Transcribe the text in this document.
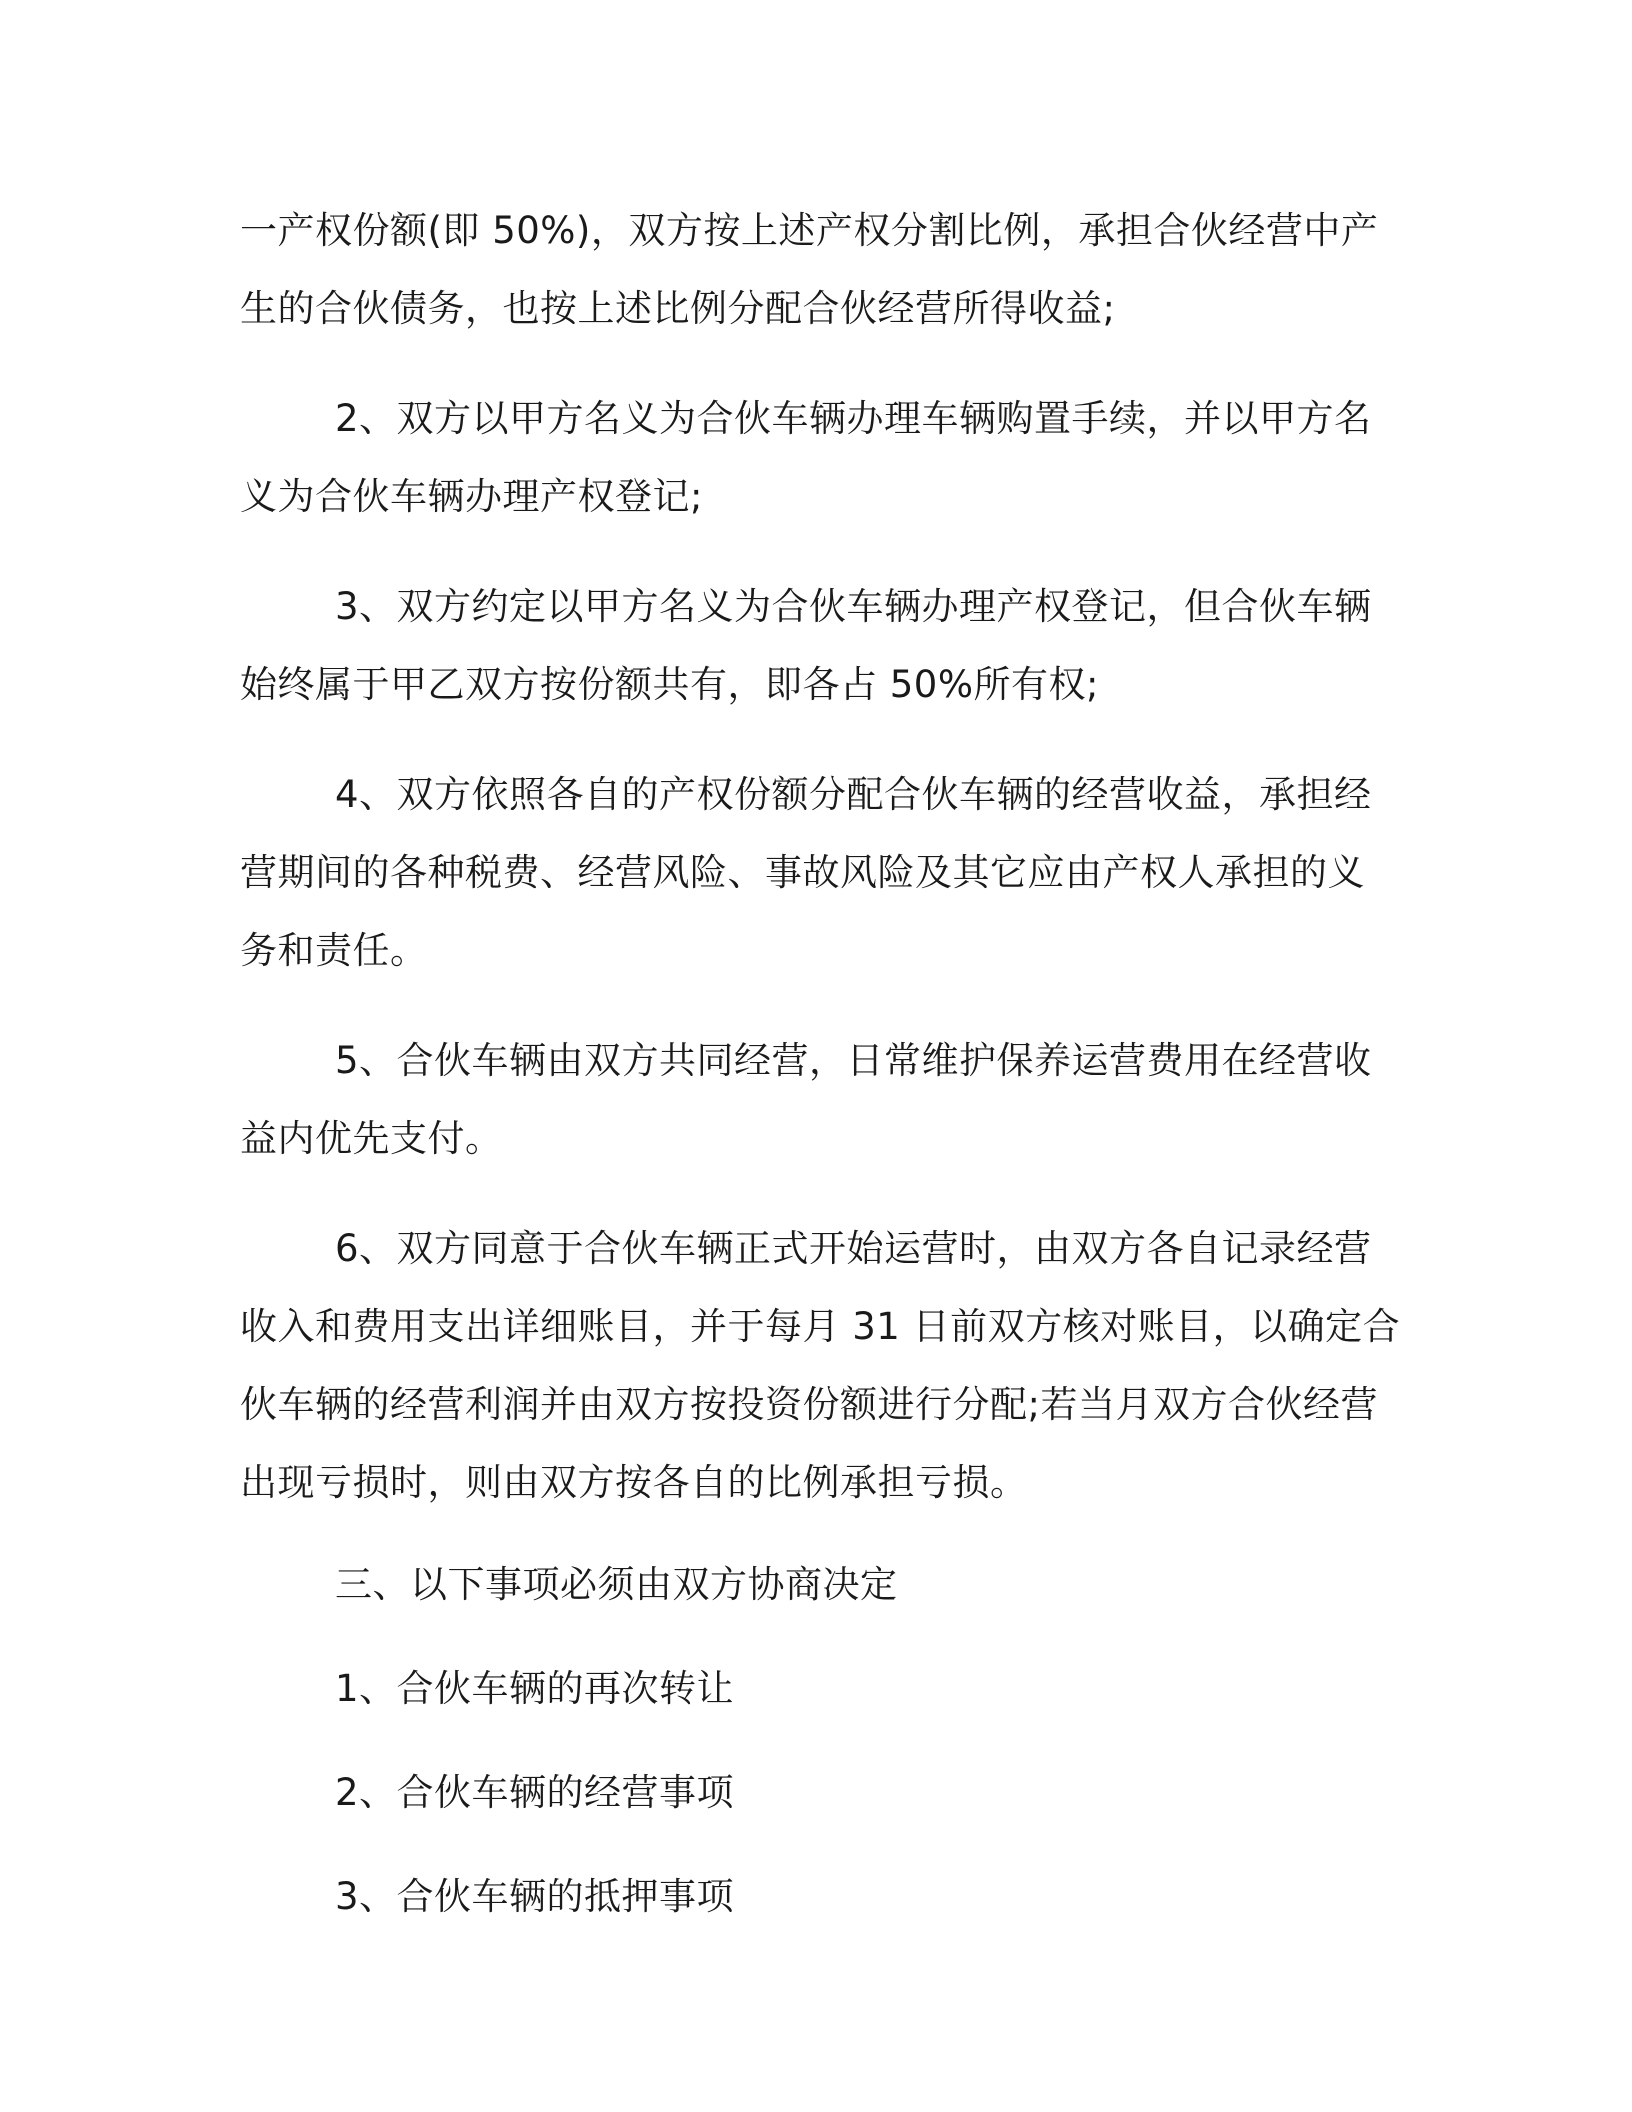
一产权份额(即 50%)，双方按上述产权分割比例，承担合伙经营中产
生的合伙债务，也按上述比例分配合伙经营所得收益;
2、双方以甲方名义为合伙车辆办理车辆购置手续，并以甲方名
义为合伙车辆办理产权登记;
3、双方约定以甲方名义为合伙车辆办理产权登记，但合伙车辆
始终属于甲乙双方按份额共有，即各占 50%所有权;
4、双方依照各自的产权份额分配合伙车辆的经营收益，承担经
营期间的各种税费、经营风险、事故风险及其它应由产权人承担的义
务和责任。
5、合伙车辆由双方共同经营，日常维护保养运营费用在经营收
益内优先支付。
6、双方同意于合伙车辆正式开始运营时，由双方各自记录经营
收入和费用支出详细账目，并于每月 31 日前双方核对账目，以确定合
伙车辆的经营利润并由双方按投资份额进行分配;若当月双方合伙经营
出现亏损时，则由双方按各自的比例承担亏损。
三、以下事项必须由双方协商决定
1、合伙车辆的再次转让
2、合伙车辆的经营事项
3、合伙车辆的抵押事项
